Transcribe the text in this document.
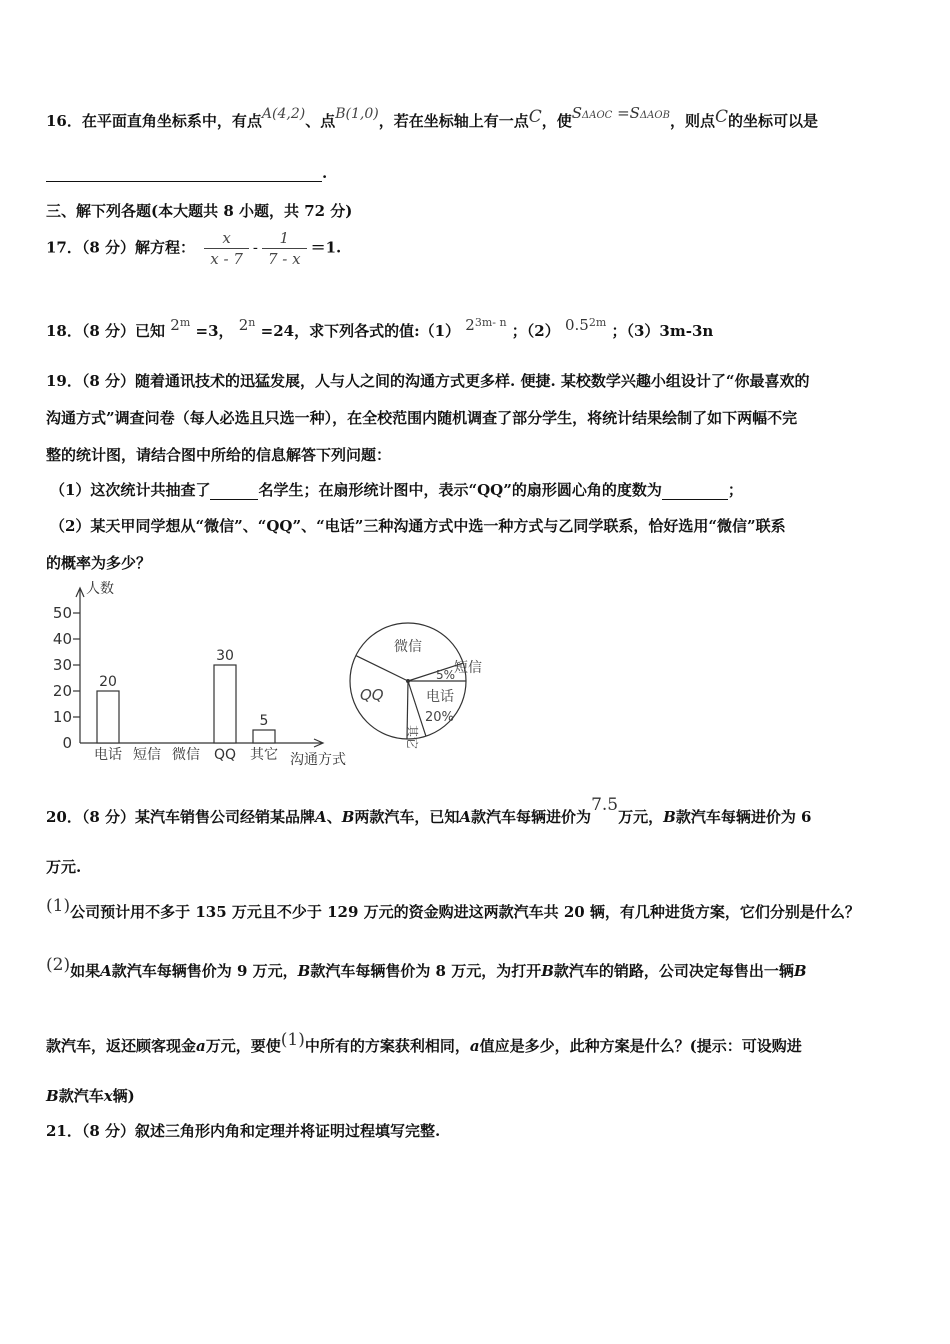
16．在平面直角坐标系中，有点A(4,2)、点B(1,0)，若在坐标轴上有一点C，使SΔAOC =SΔAOB，则点C的坐标可以是
.
三、解下列各题(本大题共 8 小题，共 72 分)
17．（8 分）解方程： $\frac{x}{x - 7} - \frac{1}{7 - x} =1$.
18．（8 分）已知 $2^m =3$， $2^n =24$，求下列各式的值:（1） $2^{3m- n}$ ；（2） $0.5^{2m}$ ；（3）3m-3n
19．（8 分）随着通讯技术的迅猛发展，人与人之间的沟通方式更多样. 便捷. 某校数学兴趣小组设计了“你最喜欢的
沟通方式”调查问卷（每人必选且只选一种），在全校范围内随机调查了部分学生，将统计结果绘制了如下两幅不完
整的统计图，请结合图中所给的信息解答下列问题：
（1）这次统计共抽查了	名学生；在扇形统计图中，表示“QQ”的扇形圆心角的度数为	；
（2）某天甲同学想从“微信”、“QQ”、“电话”三种沟通方式中选一种方式与乙同学联系，恰好选用“微信”联系
的概率为多少？
人数
沟通方式
0
10
20
30
40
50
电话
20
短信 微信 QQ
30
其它
5
微信
短信
5%
电话
20%
其它
QQ
20．（8 分）某汽车销售公司经销某品牌A、B两款汽车，已知A款汽车每辆进价为7.5万元，B款汽车每辆进价为 6
万元.
(1)公司预计用不多于 135 万元且不少于 129 万元的资金购进这两款汽车共 20 辆，有几种进货方案，它们分别是什么？
(2)如果A款汽车每辆售价为 9 万元，B款汽车每辆售价为 8 万元，为打开B款汽车的销路，公司决定每售出一辆B
款汽车，返还顾客现金a万元，要使(1)中所有的方案获利相同，a值应是多少，此种方案是什么？(提示：可设购进
B款汽车x辆)
21．（8 分）叙述三角形内角和定理并将证明过程填写完整.
